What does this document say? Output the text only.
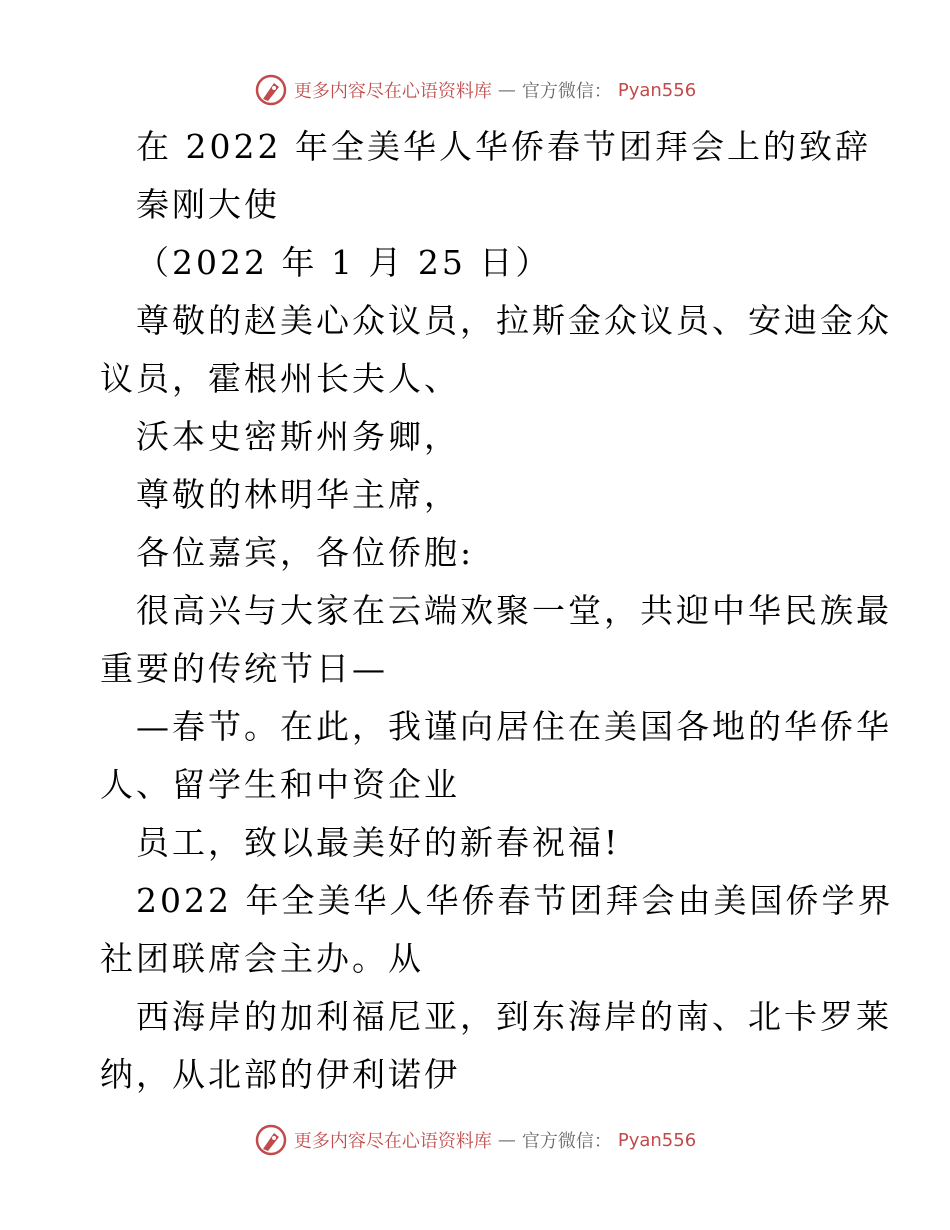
更多内容尽在心语资料库 — 官方微信： Pyan556
在 2022 年全美华人华侨春节团拜会上的致辞
秦刚大使
（2022 年 1 月 25 日）
尊敬的赵美心众议员，拉斯金众议员、安迪金众
议员，霍根州长夫人、
沃本史密斯州务卿，
尊敬的林明华主席，
各位嘉宾，各位侨胞:
很高兴与大家在云端欢聚一堂，共迎中华民族最
重要的传统节日—
—春节。在此，我谨向居住在美国各地的华侨华
人、留学生和中资企业
员工，致以最美好的新春祝福!
2022 年全美华人华侨春节团拜会由美国侨学界
社团联席会主办。从
西海岸的加利福尼亚，到东海岸的南、北卡罗莱
纳，从北部的伊利诺伊
更多内容尽在心语资料库 — 官方微信： Pyan556
